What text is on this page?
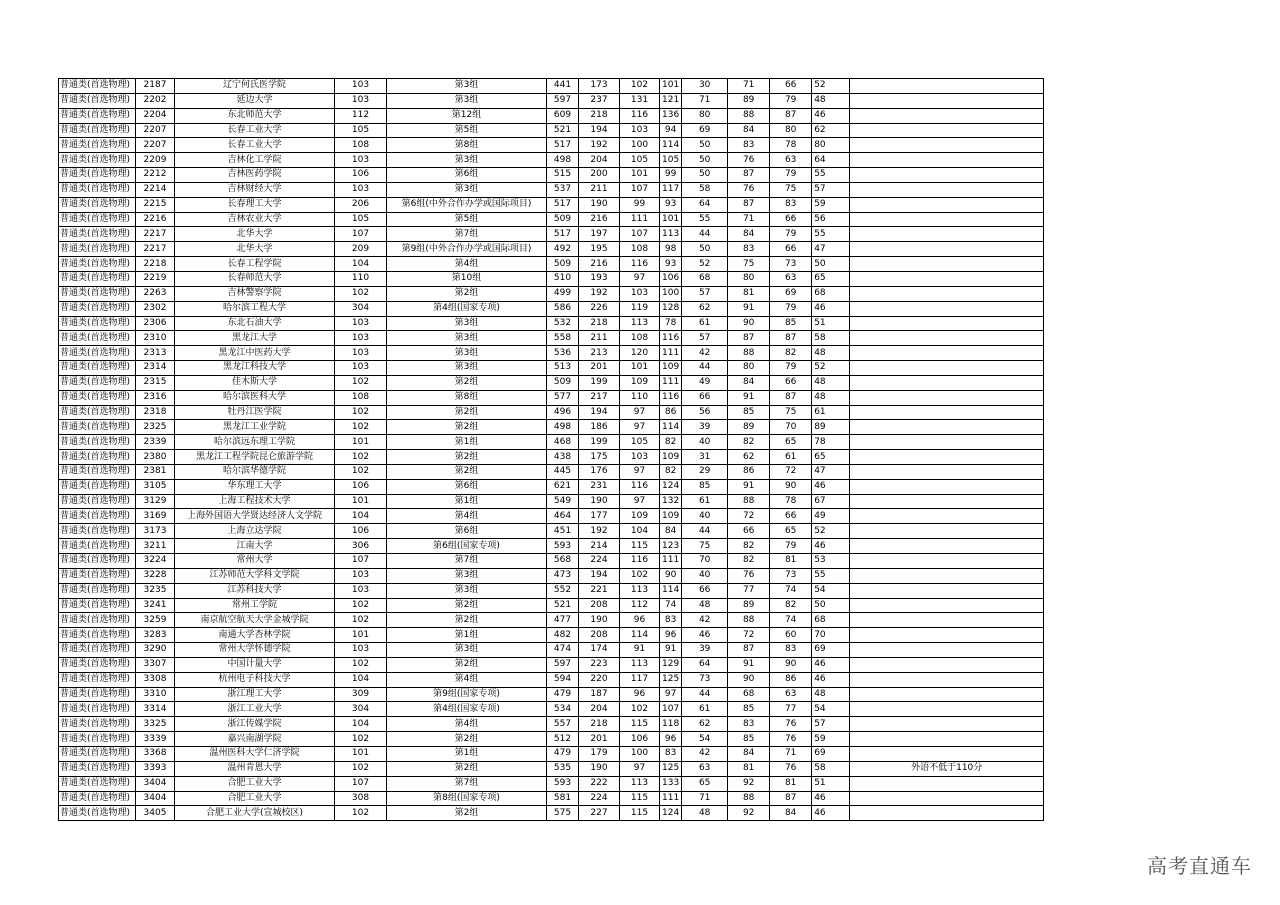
普通类(首选物理)	2187	辽宁何氏医学院	103	第3组	441	173	102	101	30	71	66	52	
普通类(首选物理)	2202	延边大学	103	第3组	597	237	131	121	71	89	79	48	
普通类(首选物理)	2204	东北师范大学	112	第12组	609	218	116	136	80	88	87	46	
普通类(首选物理)	2207	长春工业大学	105	第5组	521	194	103	94	69	84	80	62	
普通类(首选物理)	2207	长春工业大学	108	第8组	517	192	100	114	50	83	78	80	
普通类(首选物理)	2209	吉林化工学院	103	第3组	498	204	105	105	50	76	63	64	
普通类(首选物理)	2212	吉林医药学院	106	第6组	515	200	101	99	50	87	79	55	
普通类(首选物理)	2214	吉林财经大学	103	第3组	537	211	107	117	58	76	75	57	
普通类(首选物理)	2215	长春理工大学	206	第6组(中外合作办学或国际项目)	517	190	99	93	64	87	83	59	
普通类(首选物理)	2216	吉林农业大学	105	第5组	509	216	111	101	55	71	66	56	
普通类(首选物理)	2217	北华大学	107	第7组	517	197	107	113	44	84	79	55	
普通类(首选物理)	2217	北华大学	209	第9组(中外合作办学或国际项目)	492	195	108	98	50	83	66	47	
普通类(首选物理)	2218	长春工程学院	104	第4组	509	216	116	93	52	75	73	50	
普通类(首选物理)	2219	长春师范大学	110	第10组	510	193	97	106	68	80	63	65	
普通类(首选物理)	2263	吉林警察学院	102	第2组	499	192	103	100	57	81	69	68	
普通类(首选物理)	2302	哈尔滨工程大学	304	第4组(国家专项)	586	226	119	128	62	91	79	46	
普通类(首选物理)	2306	东北石油大学	103	第3组	532	218	113	78	61	90	85	51	
普通类(首选物理)	2310	黑龙江大学	103	第3组	558	211	108	116	57	87	87	58	
普通类(首选物理)	2313	黑龙江中医药大学	103	第3组	536	213	120	111	42	88	82	48	
普通类(首选物理)	2314	黑龙江科技大学	103	第3组	513	201	101	109	44	80	79	52	
普通类(首选物理)	2315	佳木斯大学	102	第2组	509	199	109	111	49	84	66	48	
普通类(首选物理)	2316	哈尔滨医科大学	108	第8组	577	217	110	116	66	91	87	48	
普通类(首选物理)	2318	牡丹江医学院	102	第2组	496	194	97	86	56	85	75	61	
普通类(首选物理)	2325	黑龙江工业学院	102	第2组	498	186	97	114	39	89	70	89	
普通类(首选物理)	2339	哈尔滨远东理工学院	101	第1组	468	199	105	82	40	82	65	78	
普通类(首选物理)	2380	黑龙江工程学院昆仑旅游学院	102	第2组	438	175	103	109	31	62	61	65	
普通类(首选物理)	2381	哈尔滨华德学院	102	第2组	445	176	97	82	29	86	72	47	
普通类(首选物理)	3105	华东理工大学	106	第6组	621	231	116	124	85	91	90	46	
普通类(首选物理)	3129	上海工程技术大学	101	第1组	549	190	97	132	61	88	78	67	
普通类(首选物理)	3169	上海外国语大学贤达经济人文学院	104	第4组	464	177	109	109	40	72	66	49	
普通类(首选物理)	3173	上海立达学院	106	第6组	451	192	104	84	44	66	65	52	
普通类(首选物理)	3211	江南大学	306	第6组(国家专项)	593	214	115	123	75	82	79	46	
普通类(首选物理)	3224	常州大学	107	第7组	568	224	116	111	70	82	81	53	
普通类(首选物理)	3228	江苏师范大学科文学院	103	第3组	473	194	102	90	40	76	73	55	
普通类(首选物理)	3235	江苏科技大学	103	第3组	552	221	113	114	66	77	74	54	
普通类(首选物理)	3241	常州工学院	102	第2组	521	208	112	74	48	89	82	50	
普通类(首选物理)	3259	南京航空航天大学金城学院	102	第2组	477	190	96	83	42	88	74	68	
普通类(首选物理)	3283	南通大学杏林学院	101	第1组	482	208	114	96	46	72	60	70	
普通类(首选物理)	3290	常州大学怀德学院	103	第3组	474	174	91	91	39	87	83	69	
普通类(首选物理)	3307	中国计量大学	102	第2组	597	223	113	129	64	91	90	46	
普通类(首选物理)	3308	杭州电子科技大学	104	第4组	594	220	117	125	73	90	86	46	
普通类(首选物理)	3310	浙江理工大学	309	第9组(国家专项)	479	187	96	97	44	68	63	48	
普通类(首选物理)	3314	浙江工业大学	304	第4组(国家专项)	534	204	102	107	61	85	77	54	
普通类(首选物理)	3325	浙江传媒学院	104	第4组	557	218	115	118	62	83	76	57	
普通类(首选物理)	3339	嘉兴南湖学院	102	第2组	512	201	106	96	54	85	76	59	
普通类(首选物理)	3368	温州医科大学仁济学院	101	第1组	479	179	100	83	42	84	71	69	
普通类(首选物理)	3393	温州肯恩大学	102	第2组	535	190	97	125	63	81	76	58	外语不低于110分
普通类(首选物理)	3404	合肥工业大学	107	第7组	593	222	113	133	65	92	81	51	
普通类(首选物理)	3404	合肥工业大学	308	第8组(国家专项)	581	224	115	111	71	88	87	46	
普通类(首选物理)	3405	合肥工业大学(宣城校区)	102	第2组	575	227	115	124	48	92	84	46	
高考直通车
